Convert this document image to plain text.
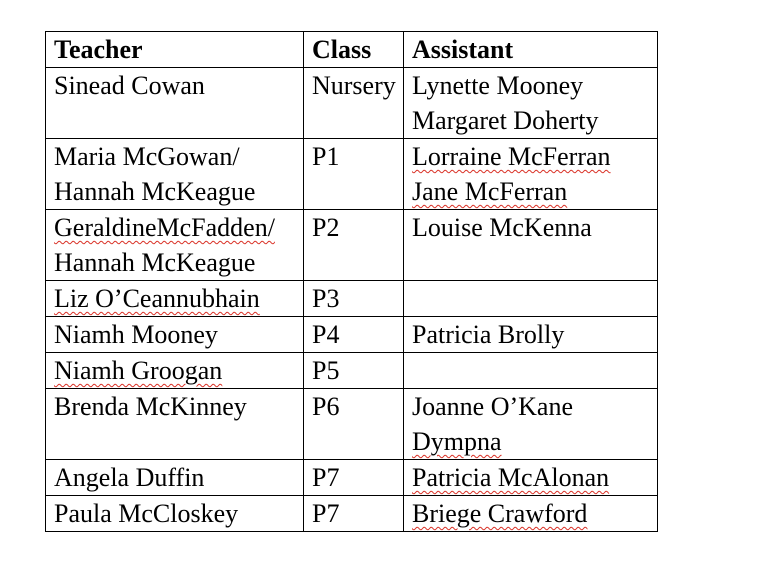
Teacher	Class	Assistant

Sinead Cowan	Nursery	Lynette Mooney
Margaret Doherty

Maria McGowan/
Hannah McKeague	P1	Lorraine McFerran
Jane McFerran

GeraldineMcFadden/
Hannah McKeague	P2	Louise McKenna

Liz O’Ceannubhain	P3	

Niamh Mooney	P4	Patricia Brolly

Niamh Groogan	P5	

Brenda McKinney	P6	Joanne O’Kane
Dympna

Angela Duffin	P7	Patricia McAlonan

Paula McCloskey	P7	Briege Crawford
